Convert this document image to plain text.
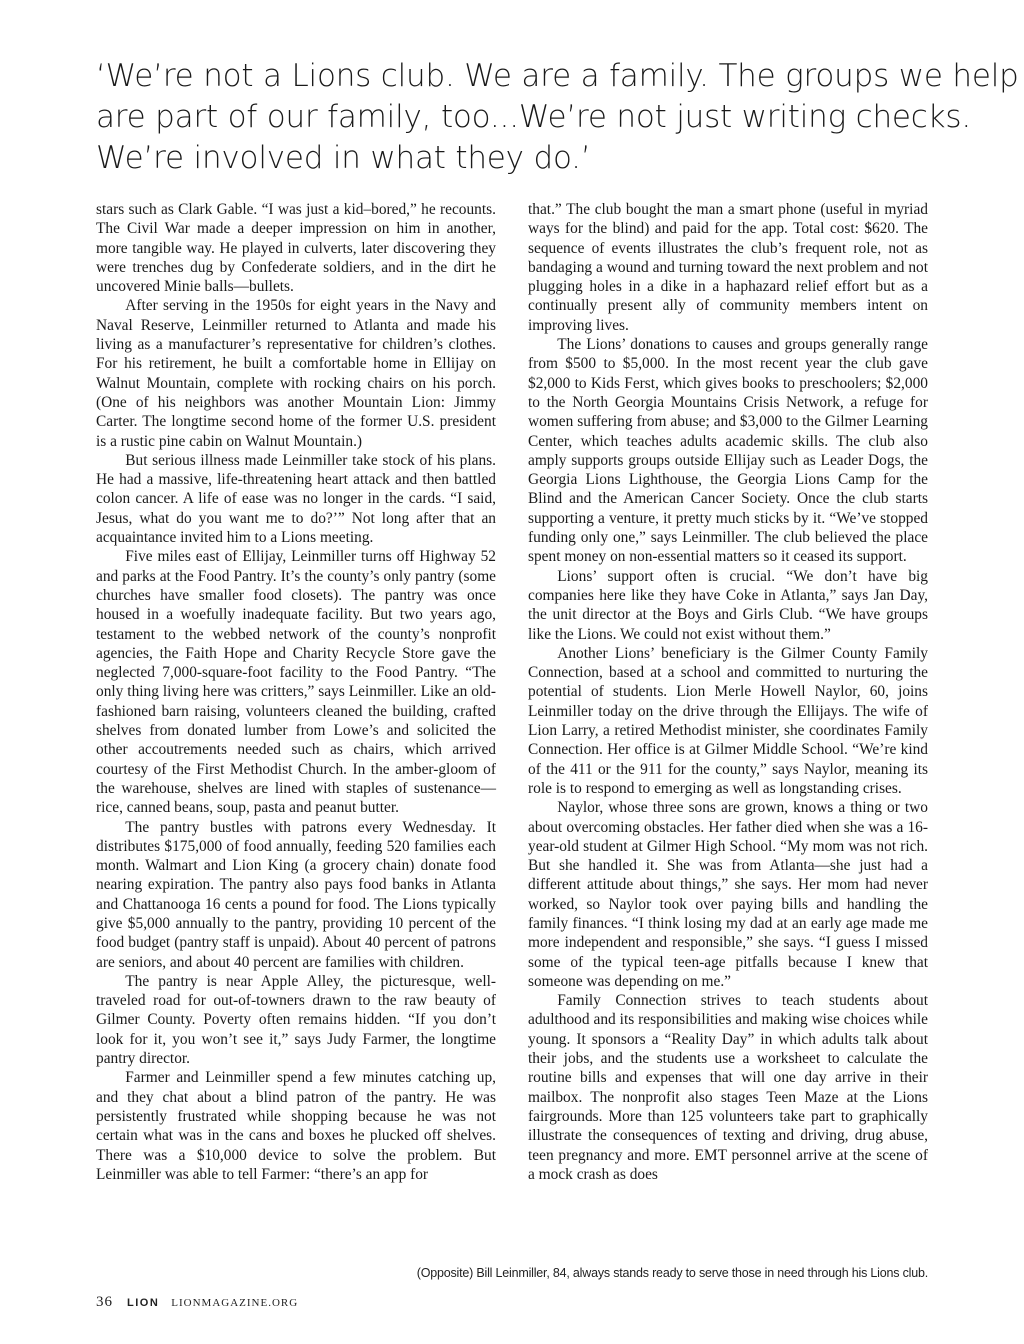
‘We’re not a Lions club. We are a family. The groups we help
are part of our family, too...We’re not just writing checks.
We’re involved in what they do.’

stars such as Clark Gable. “I was just a kid–bored,” he recounts. The Civil War made a deeper impression on him in another, more tangible way. He played in culverts, later discovering they were trenches dug by Confederate soldiers, and in the dirt he uncovered Minie balls—bullets.

After serving in the 1950s for eight years in the Navy and Naval Reserve, Leinmiller returned to Atlanta and made his living as a manufacturer’s representative for children’s clothes. For his retirement, he built a comfortable home in Ellijay on Walnut Mountain, complete with rocking chairs on his porch. (One of his neighbors was another Mountain Lion: Jimmy Carter. The longtime second home of the former U.S. president is a rustic pine cabin on Walnut Mountain.)

But serious illness made Leinmiller take stock of his plans. He had a massive, life-threatening heart attack and then battled colon cancer. A life of ease was no longer in the cards. “I said, Jesus, what do you want me to do?’” Not long after that an acquaintance invited him to a Lions meeting.

Five miles east of Ellijay, Leinmiller turns off Highway 52 and parks at the Food Pantry. It’s the county’s only pantry (some churches have smaller food closets). The pantry was once housed in a woefully inadequate facility. But two years ago, testament to the webbed network of the county’s nonprofit agencies, the Faith Hope and Charity Recycle Store gave the neglected 7,000-square-foot facility to the Food Pantry. “The only thing living here was critters,” says Leinmiller. Like an old-fashioned barn raising, volunteers cleaned the building, crafted shelves from donated lumber from Lowe’s and solicited the other accoutrements needed such as chairs, which arrived courtesy of the First Methodist Church. In the amber-gloom of the warehouse, shelves are lined with staples of sustenance—rice, canned beans, soup, pasta and peanut butter.

The pantry bustles with patrons every Wednesday. It distributes $175,000 of food annually, feeding 520 families each month. Walmart and Lion King (a grocery chain) donate food nearing expiration. The pantry also pays food banks in Atlanta and Chattanooga 16 cents a pound for food. The Lions typically give $5,000 annually to the pantry, providing 10 percent of the food budget (pantry staff is unpaid). About 40 percent of patrons are seniors, and about 40 percent are families with children.

The pantry is near Apple Alley, the picturesque, well-traveled road for out-of-towners drawn to the raw beauty of Gilmer County. Poverty often remains hidden. “If you don’t look for it, you won’t see it,” says Judy Farmer, the longtime pantry director.

Farmer and Leinmiller spend a few minutes catching up, and they chat about a blind patron of the pantry. He was persistently frustrated while shopping because he was not certain what was in the cans and boxes he plucked off shelves. There was a $10,000 device to solve the problem. But Leinmiller was able to tell Farmer: “there’s an app for

that.” The club bought the man a smart phone (useful in myriad ways for the blind) and paid for the app. Total cost: $620. The sequence of events illustrates the club’s frequent role, not as bandaging a wound and turning toward the next problem and not plugging holes in a dike in a haphazard relief effort but as a continually present ally of community members intent on improving lives.

The Lions’ donations to causes and groups generally range from $500 to $5,000. In the most recent year the club gave $2,000 to Kids Ferst, which gives books to preschoolers; $2,000 to the North Georgia Mountains Crisis Network, a refuge for women suffering from abuse; and $3,000 to the Gilmer Learning Center, which teaches adults academic skills. The club also amply supports groups outside Ellijay such as Leader Dogs, the Georgia Lions Lighthouse, the Georgia Lions Camp for the Blind and the American Cancer Society. Once the club starts supporting a venture, it pretty much sticks by it. “We’ve stopped funding only one,” says Leinmiller. The club believed the place spent money on non-essential matters so it ceased its support.

Lions’ support often is crucial. “We don’t have big companies here like they have Coke in Atlanta,” says Jan Day, the unit director at the Boys and Girls Club. “We have groups like the Lions. We could not exist without them.”

Another Lions’ beneficiary is the Gilmer County Family Connection, based at a school and committed to nurturing the potential of students. Lion Merle Howell Naylor, 60, joins Leinmiller today on the drive through the Ellijays. The wife of Lion Larry, a retired Methodist minister, she coordinates Family Connection. Her office is at Gilmer Middle School. “We’re kind of the 411 or the 911 for the county,” says Naylor, meaning its role is to respond to emerging as well as longstanding crises.

Naylor, whose three sons are grown, knows a thing or two about overcoming obstacles. Her father died when she was a 16-year-old student at Gilmer High School. “My mom was not rich. But she handled it. She was from Atlanta—she just had a different attitude about things,” she says. Her mom had never worked, so Naylor took over paying bills and handling the family finances. “I think losing my dad at an early age made me more independent and responsible,” she says. “I guess I missed some of the typical teen-age pitfalls because I knew that someone was depending on me.”

Family Connection strives to teach students about adulthood and its responsibilities and making wise choices while young. It sponsors a “Reality Day” in which adults talk about their jobs, and the students use a worksheet to calculate the routine bills and expenses that will one day arrive in their mailbox. The nonprofit also stages Teen Maze at the Lions fairgrounds. More than 125 volunteers take part to graphically illustrate the consequences of texting and driving, drug abuse, teen pregnancy and more. EMT personnel arrive at the scene of a mock crash as does

(Opposite) Bill Leinmiller, 84, always stands ready to serve those in need through his Lions club.
36 LION LIONMAGAZINE.ORG
